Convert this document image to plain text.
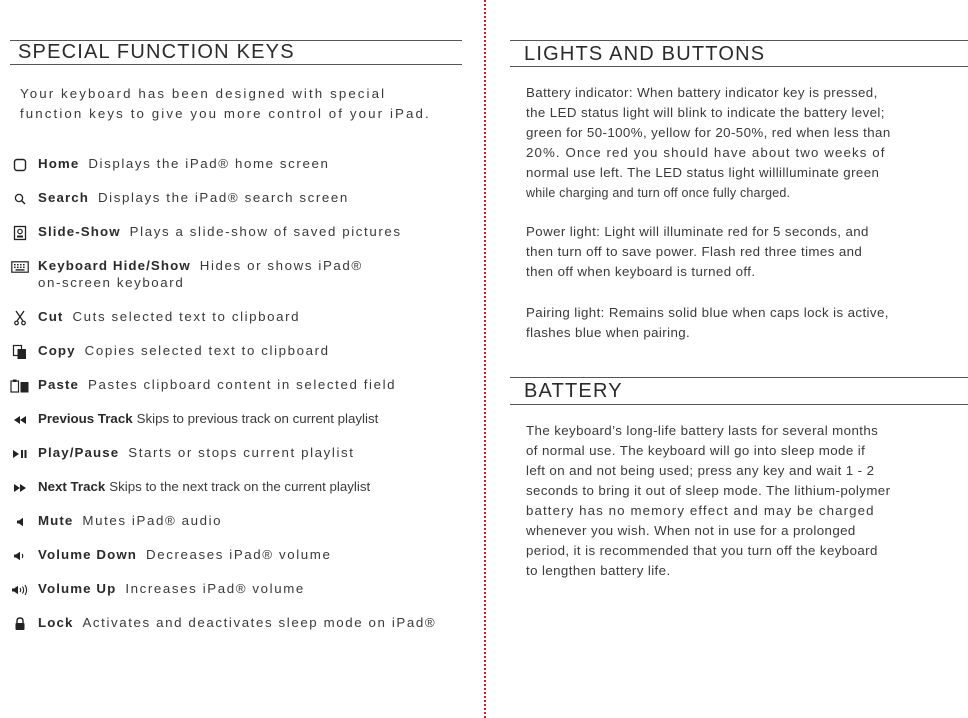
SPECIAL FUNCTION KEYS
Your keyboard has been designed with special
function keys to give you more control of your iPad.
Home Displays the iPad® home screen
Search Displays the iPad® search screen
Slide-Show Plays a slide-show of saved pictures
Keyboard Hide/Show Hides or shows iPad®
on-screen keyboard
Cut Cuts selected text to clipboard
Copy Copies selected text to clipboard
Paste Pastes clipboard content in selected field
Previous Track Skips to previous track on current playlist
Play/Pause Starts or stops current playlist
Next Track Skips to the next track on the current playlist
Mute Mutes iPad® audio
Volume Down Decreases iPad® volume
Volume Up Increases iPad® volume
Lock Activates and deactivates sleep mode on iPad®
LIGHTS AND BUTTONS
Battery indicator: When battery indicator key is pressed,
the LED status light will blink to indicate the battery level;
green for 50-100%, yellow for 20-50%, red when less than
20%. Once red you should have about two weeks of
normal use left. The LED status light willilluminate green
while charging and turn off once fully charged.
Power light: Light will illuminate red for 5 seconds, and
then turn off to save power. Flash red three times and
then off when keyboard is turned off.
Pairing light: Remains solid blue when caps lock is active,
flashes blue when pairing.
BATTERY
The keyboard’s long-life battery lasts for several months
of normal use. The keyboard will go into sleep mode if
left on and not being used; press any key and wait 1 - 2
seconds to bring it out of sleep mode. The lithium-polymer
battery has no memory effect and may be charged
whenever you wish. When not in use for a prolonged
period, it is recommended that you turn off the keyboard
to lengthen battery life.
